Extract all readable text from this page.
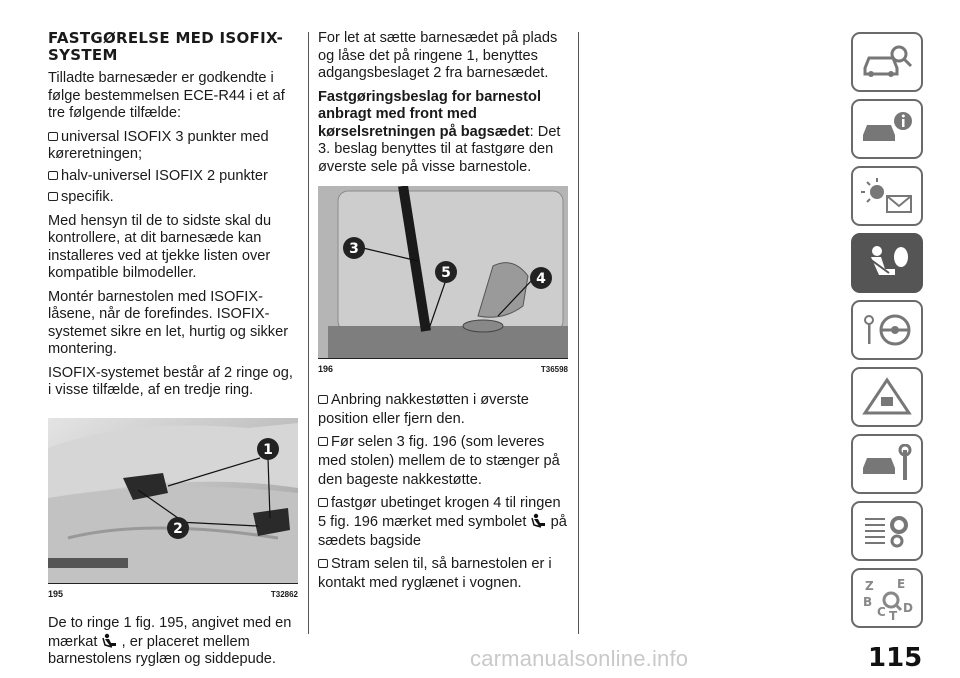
FASTGØRELSE MED ISOFIX-SYSTEM

Tilladte barnesæder er godkendte i følge bestemmelsen ECE-R44 i et af tre følgende tilfælde:

universal ISOFIX 3 punkter med køreretningen;
halv-universel ISOFIX 2 punkter
specifik.

Med hensyn til de to sidste skal du kontrollere, at dit barnesæde kan installeres ved at tjekke listen over kompatible bilmodeller.

Montér barnestolen med ISOFIX-låsene, når de forefindes. ISOFIX-systemet sikre en let, hurtig og sikker montering.

ISOFIX-systemet består af 2 ringe og, i visse tilfælde, af en tredje ring.

1
2
195	T32862

De to ringe 1 fig. 195, angivet med en mærkat , er placeret mellem barnestolens ryglæn og siddepude.

For let at sætte barnesædet på plads og låse det på ringene 1, benyttes adgangsbeslaget 2 fra barnesædet.

Fastgøringsbeslag for barnestol anbragt med front med kørselsretningen på bagsædet: Det 3. beslag benyttes til at fastgøre den øverste sele på visse barnestole.

3
5	4
196	T36598
Anbring nakkestøtten i øverste position eller fjern den.
Før selen 3 fig. 196 (som leveres med stolen) mellem de to stænger på den bageste nakkestøtte.
fastgør ubetinget krogen 4 til ringen 5 fig. 196 mærket med symbolet på sædets bagside
Stram selen til, så barnestolen er i kontakt med ryglænet i vognen.	Z E
B
C D
T
carmanualsonline.info	115
